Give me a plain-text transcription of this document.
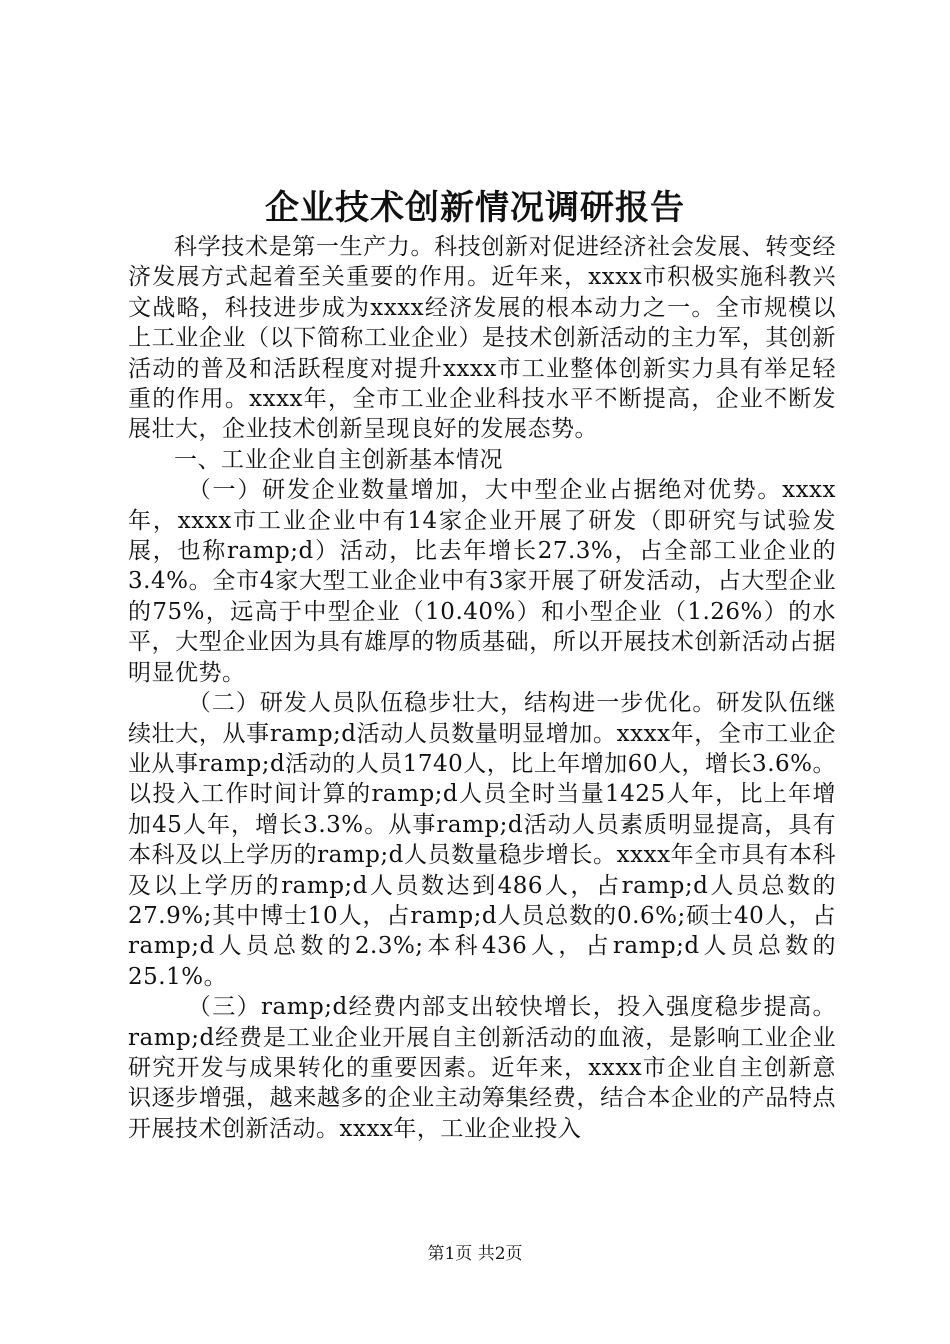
企业技术创新情况调研报告

科学技术是第一生产力。科技创新对促进经济社会发展、转变经济发展方式起着至关重要的作用。近年来，xxxx市积极实施科教兴文战略，科技进步成为xxxx经济发展的根本动力之一。全市规模以上工业企业（以下简称工业企业）是技术创新活动的主力军，其创新活动的普及和活跃程度对提升xxxx市工业整体创新实力具有举足轻重的作用。xxxx年，全市工业企业科技水平不断提高，企业不断发展壮大，企业技术创新呈现良好的发展态势。

一、工业企业自主创新基本情况

（一）研发企业数量增加，大中型企业占据绝对优势。xxxx年，xxxx市工业企业中有14家企业开展了研发（即研究与试验发展，也称ramp;d）活动，比去年增长27.3%，占全部工业企业的3.4%。全市4家大型工业企业中有3家开展了研发活动，占大型企业的75%，远高于中型企业（10.40%）和小型企业（1.26%）的水平，大型企业因为具有雄厚的物质基础，所以开展技术创新活动占据明显优势。

（二）研发人员队伍稳步壮大，结构进一步优化。研发队伍继续壮大，从事ramp;d活动人员数量明显增加。xxxx年，全市工业企业从事ramp;d活动的人员1740人，比上年增加60人，增长3.6%。以投入工作时间计算的ramp;d人员全时当量1425人年，比上年增加45人年，增长3.3%。从事ramp;d活动人员素质明显提高，具有本科及以上学历的ramp;d人员数量稳步增长。xxxx年全市具有本科及以上学历的ramp;d人员数达到486人，占ramp;d人员总数的27.9%;其中博士10人，占ramp;d人员总数的0.6%;硕士40人，占ramp;d人员总数的2.3%;本科436人，占ramp;d人员总数的25.1%。

（三）ramp;d经费内部支出较快增长，投入强度稳步提高。ramp;d经费是工业企业开展自主创新活动的血液，是影响工业企业研究开发与成果转化的重要因素。近年来，xxxx市企业自主创新意识逐步增强，越来越多的企业主动筹集经费，结合本企业的产品特点开展技术创新活动。xxxx年，工业企业投入

第1页 共2页
